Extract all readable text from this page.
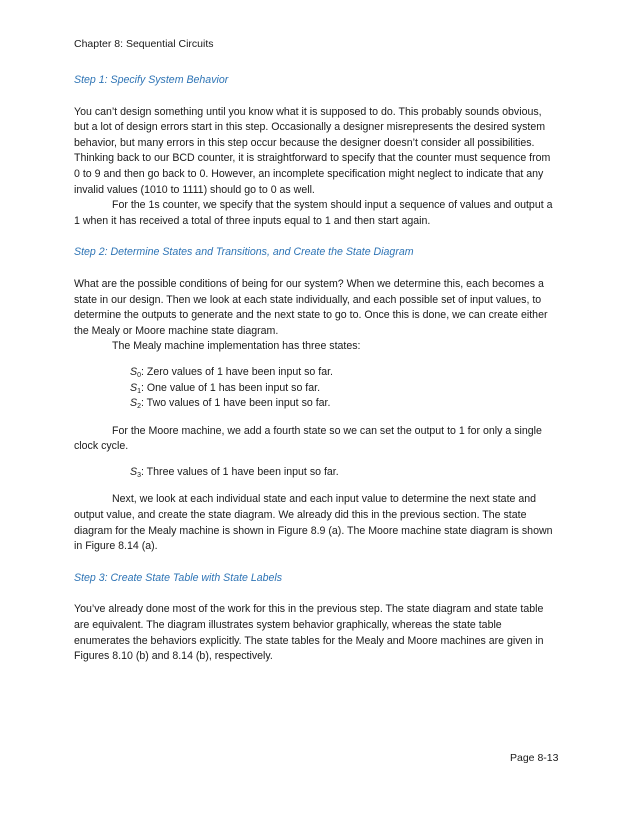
Chapter 8: Sequential Circuits
Step 1: Specify System Behavior

You can’t design something until you know what it is supposed to do. This probably sounds obvious, but a lot of design errors start in this step. Occasionally a designer misrepresents the desired system behavior, but many errors in this step occur because the designer doesn’t consider all possibilities. Thinking back to our BCD counter, it is straightforward to specify that the counter must sequence from 0 to 9 and then go back to 0. However, an incomplete specification might neglect to indicate that any invalid values (1010 to 1111) should go to 0 as well.

For the 1s counter, we specify that the system should input a sequence of values and output a 1 when it has received a total of three inputs equal to 1 and then start again.

Step 2: Determine States and Transitions, and Create the State Diagram

What are the possible conditions of being for our system? When we determine this, each becomes a state in our design. Then we look at each state individually, and each possible set of input values, to determine the outputs to generate and the next state to go to. Once this is done, we can create either the Mealy or Moore machine state diagram.

The Mealy machine implementation has three states:

$S_0$: Zero values of 1 have been input so far.
$S_1$: One value of 1 has been input so far.
$S_2$: Two values of 1 have been input so far.

For the Moore machine, we add a fourth state so we can set the output to 1 for only a single clock cycle.

$S_3$: Three values of 1 have been input so far.

Next, we look at each individual state and each input value to determine the next state and output value, and create the state diagram. We already did this in the previous section. The state diagram for the Mealy machine is shown in Figure 8.9 (a). The Moore machine state diagram is shown in Figure 8.14 (a).

Step 3: Create State Table with State Labels

You’ve already done most of the work for this in the previous step. The state diagram and state table are equivalent. The diagram illustrates system behavior graphically, whereas the state table enumerates the behaviors explicitly. The state tables for the Mealy and Moore machines are given in Figures 8.10 (b) and 8.14 (b), respectively.

Page 8-13
